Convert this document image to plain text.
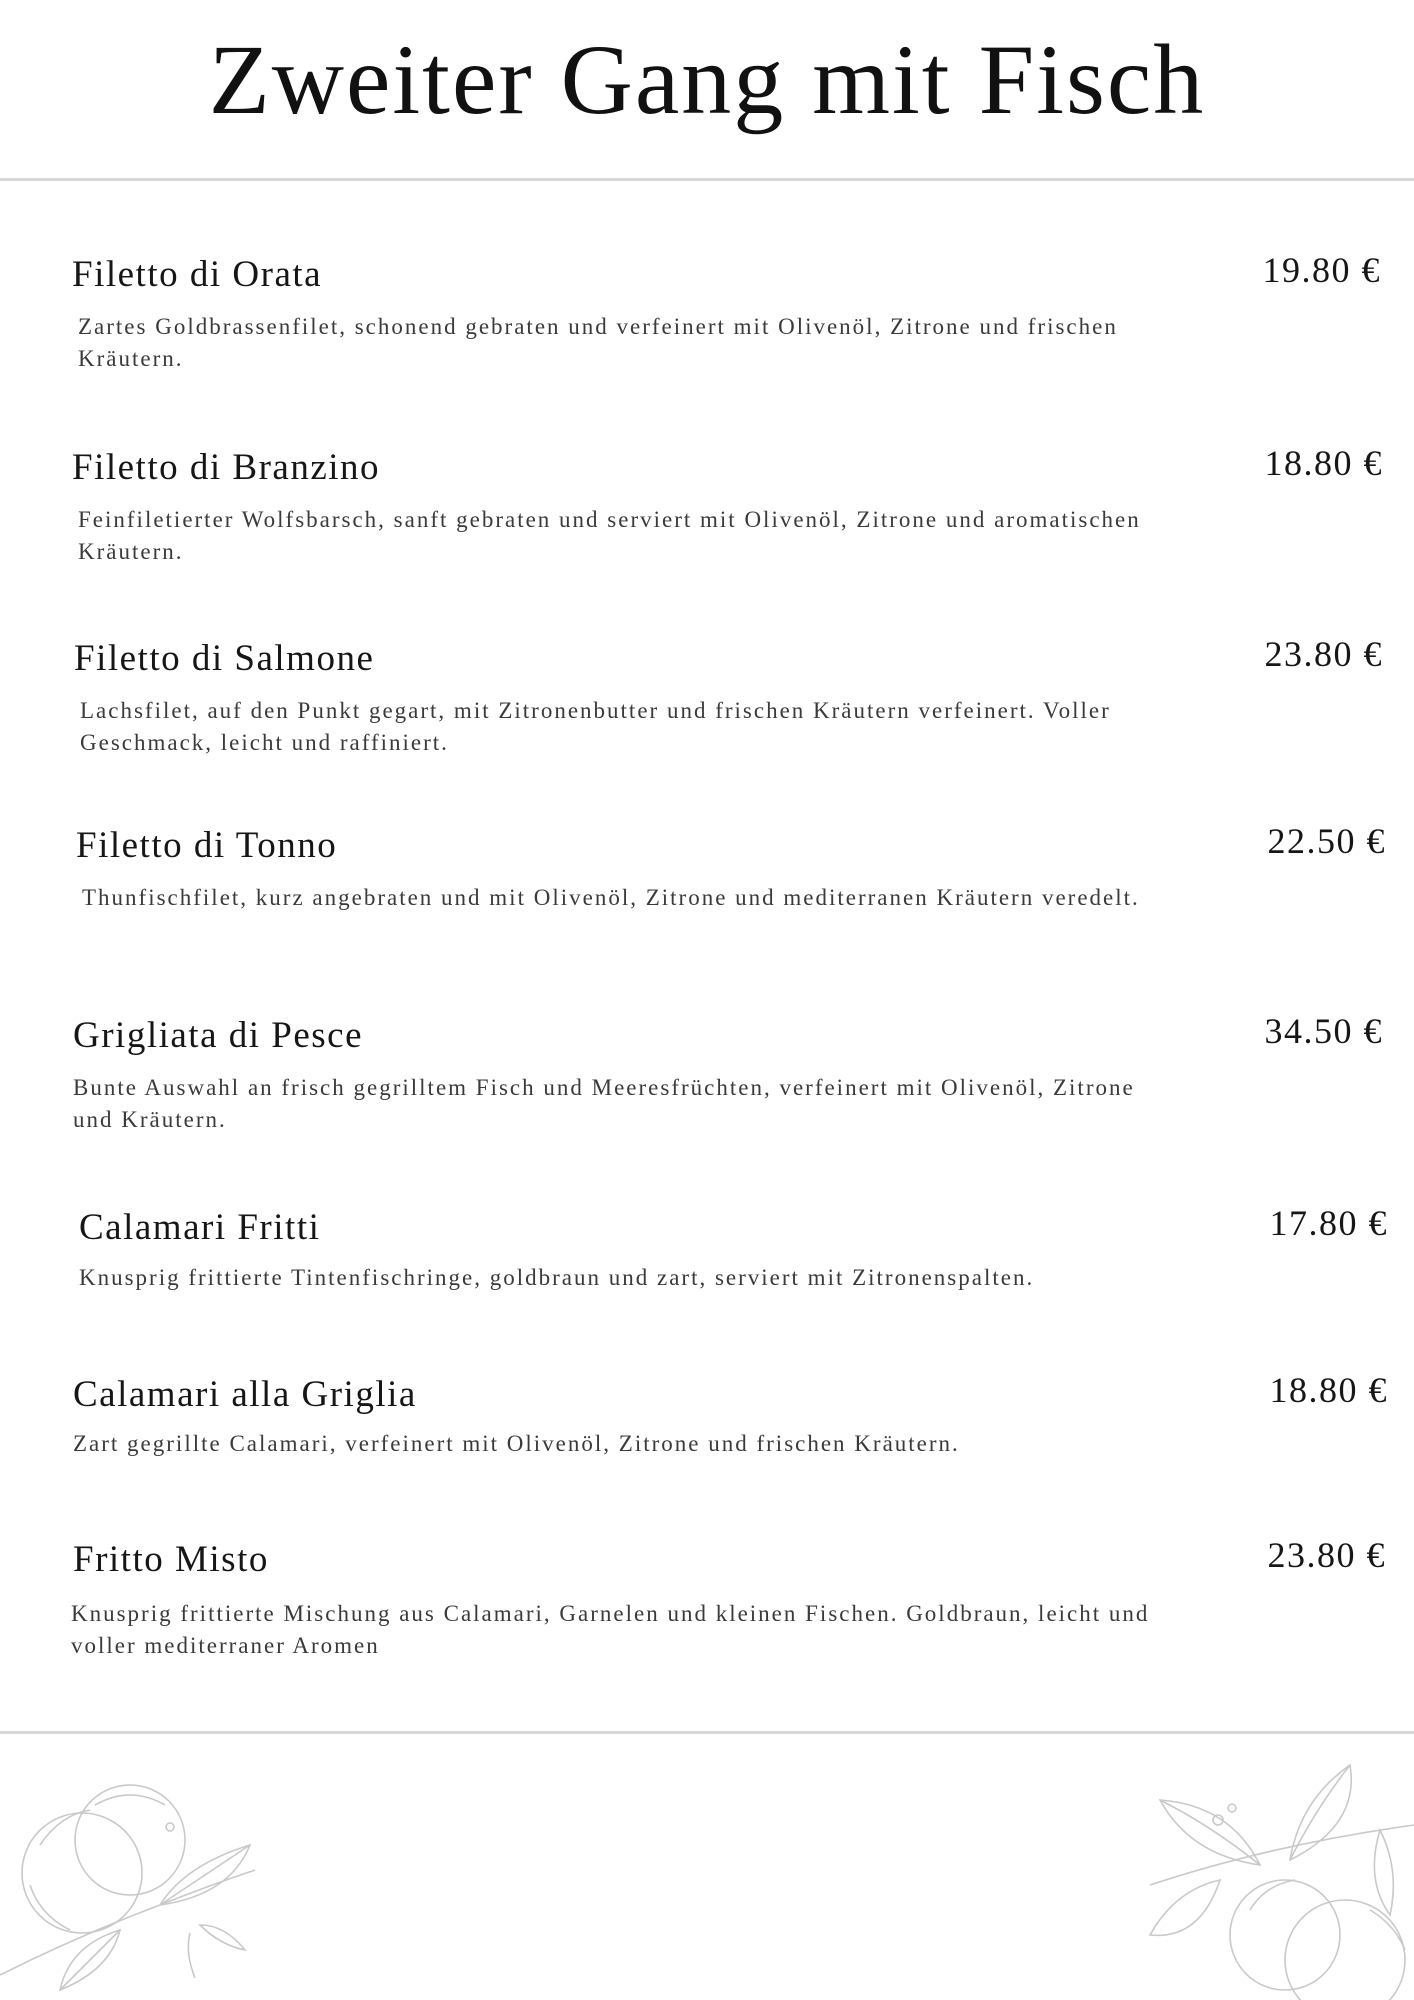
Zweiter Gang mit Fisch
Filetto di Orata	19.80 €
Zartes Goldbrassenfilet, schonend gebraten und verfeinert mit Olivenöl, Zitrone und frischen Kräutern.
Filetto di Branzino	18.80 €
Feinfiletierter Wolfsbarsch, sanft gebraten und serviert mit Olivenöl, Zitrone und aromatischen Kräutern.
Filetto di Salmone	23.80 €
Lachsfilet, auf den Punkt gegart, mit Zitronenbutter und frischen Kräutern verfeinert. Voller Geschmack, leicht und raffiniert.
Filetto di Tonno	22.50 €
Thunfischfilet, kurz angebraten und mit Olivenöl, Zitrone und mediterranen Kräutern veredelt.
Grigliata di Pesce	34.50 €
Bunte Auswahl an frisch gegrilltem Fisch und Meeresfrüchten, verfeinert mit Olivenöl, Zitrone und Kräutern.
Calamari Fritti	17.80 €
Knusprig frittierte Tintenfischringe, goldbraun und zart, serviert mit Zitronenspalten.
Calamari alla Griglia	18.80 €
Zart gegrillte Calamari, verfeinert mit Olivenöl, Zitrone und frischen Kräutern.
Fritto Misto	23.80 €
Knusprig frittierte Mischung aus Calamari, Garnelen und kleinen Fischen. Goldbraun, leicht und voller mediterraner Aromen
